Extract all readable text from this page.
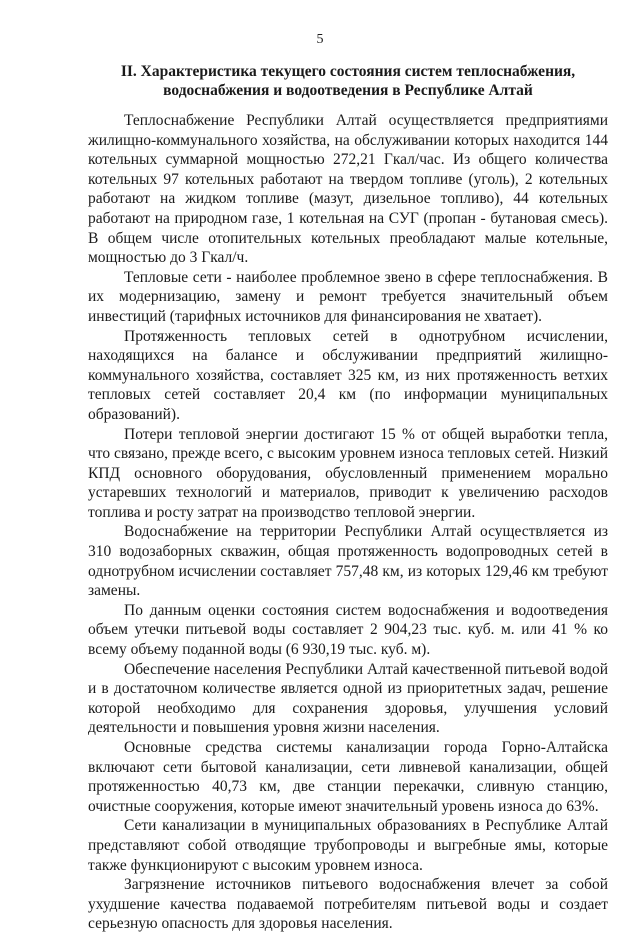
5
II. Характеристика текущего состояния систем теплоснабжения,
водоснабжения и водоотведения в Республике Алтай

Теплоснабжение Республики Алтай осуществляется предприятиями жилищно-коммунального хозяйства, на обслуживании которых находится 144 котельных суммарной мощностью 272,21 Гкал/час. Из общего количества котельных 97 котельных работают на твердом топливе (уголь), 2 котельных работают на жидком топливе (мазут, дизельное топливо), 44 котельных работают на природном газе, 1 котельная на СУГ (пропан - бутановая смесь). В общем числе отопительных котельных преобладают малые котельные, мощностью до 3 Гкал/ч.

Тепловые сети - наиболее проблемное звено в сфере теплоснабжения. В их модернизацию, замену и ремонт требуется значительный объем инвестиций (тарифных источников для финансирования не хватает).

Протяженность тепловых сетей в однотрубном исчислении, находящихся на балансе и обслуживании предприятий жилищно-коммунального хозяйства, составляет 325 км, из них протяженность ветхих тепловых сетей составляет 20,4 км (по информации муниципальных образований).

Потери тепловой энергии достигают 15 % от общей выработки тепла, что связано, прежде всего, с высоким уровнем износа тепловых сетей. Низкий КПД основного оборудования, обусловленный применением морально устаревших технологий и материалов, приводит к увеличению расходов топлива и росту затрат на производство тепловой энергии.

Водоснабжение на территории Республики Алтай осуществляется из 310 водозаборных скважин, общая протяженность водопроводных сетей в однотрубном исчислении составляет 757,48 км, из которых 129,46 км требуют замены.

По данным оценки состояния систем водоснабжения и водоотведения объем утечки питьевой воды составляет 2 904,23 тыс. куб. м. или 41 % ко всему объему поданной воды (6 930,19 тыс. куб. м).

Обеспечение населения Республики Алтай качественной питьевой водой и в достаточном количестве является одной из приоритетных задач, решение которой необходимо для сохранения здоровья, улучшения условий деятельности и повышения уровня жизни населения.

Основные средства системы канализации города Горно-Алтайска включают сети бытовой канализации, сети ливневой канализации, общей протяженностью 40,73 км, две станции перекачки, сливную станцию, очистные сооружения, которые имеют значительный уровень износа до 63%.

Сети канализации в муниципальных образованиях в Республике Алтай представляют собой отводящие трубопроводы и выгребные ямы, которые также функционируют с высоким уровнем износа.

Загрязнение источников питьевого водоснабжения влечет за собой ухудшение качества подаваемой потребителям питьевой воды и создает серьезную опасность для здоровья населения.
